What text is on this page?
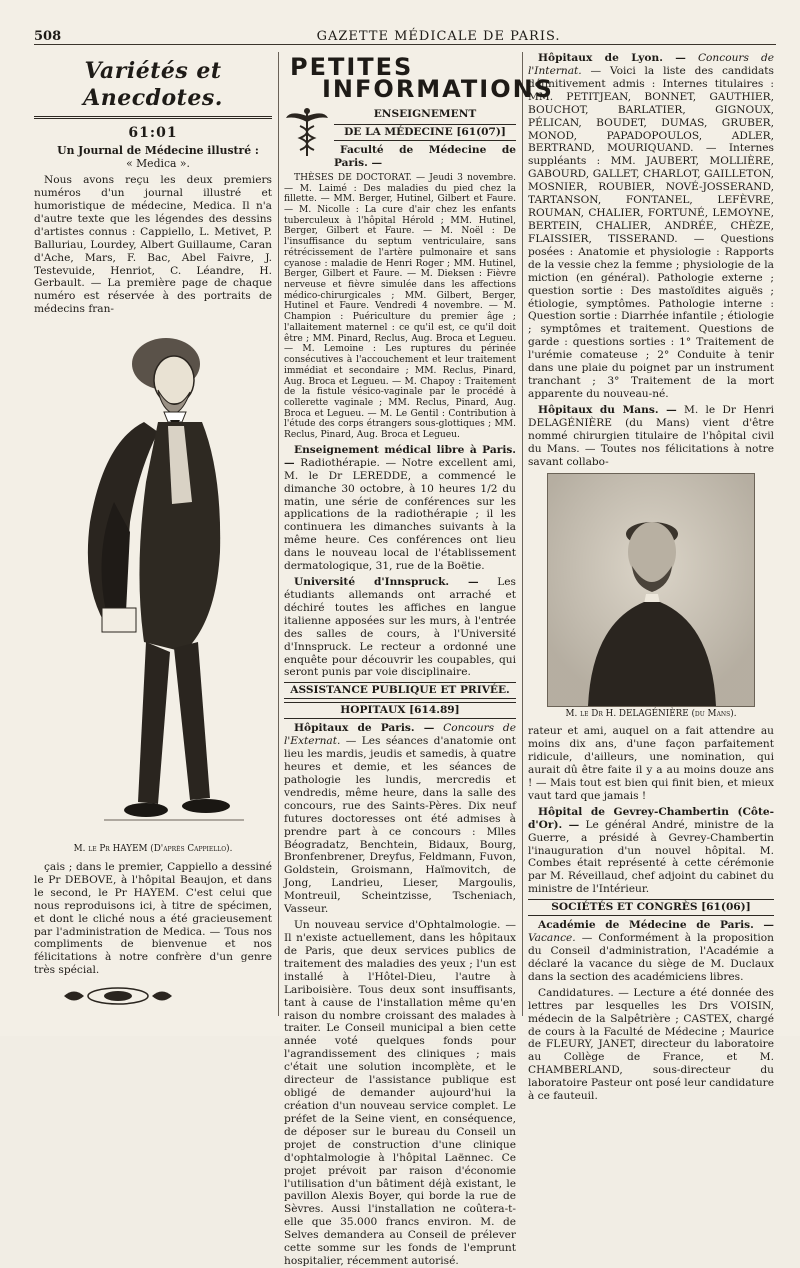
508	GAZETTE MÉDICALE DE PARIS.
Variétés et Anecdotes.
61:01

Un Journal de Médecine illustré :

« Medica ».

Nous avons reçu les deux premiers numéros d'un journal illustré et humoristique de médecine, Medica. Il n'a d'autre texte que les légendes des dessins d'artistes connus : Cappiello, L. Metivet, P. Balluriau, Lourdey, Albert Guillaume, Caran d'Ache, Mars, F. Bac, Abel Faivre, J. Testevuide, Henriot, C. Léandre, H. Gerbault. — La première page de chaque numéro est réservée à des portraits de médecins fran-

M. le Pr HAYEM (D'après Cappiello).

çais ; dans le premier, Cappiello a dessiné le Pr DEBOVE, à l'hôpital Beaujon, et dans le second, le Pr HAYEM. C'est celui que nous reproduisons ici, à titre de spécimen, et dont le cliché nous a été gracieusement par l'administration de Medica. — Tous nos compliments de bienvenue et nos félicitations à notre confrère d'un genre très spécial.

PETITES
INFORMATIONS
ENSEIGNEMENT
DE LA MÉDECINE [61(07)]

Faculté de Médecine de Paris. —

THÈSES DE DOCTORAT. — Jeudi 3 novembre. — M. Laimé : Des maladies du pied chez la fillette. — MM. Berger, Hutinel, Gilbert et Faure. — M. Nicolle : La cure d'air chez les enfants tuberculeux à l'hôpital Hérold ; MM. Hutinel, Berger, Gilbert et Faure. — M. Noël : De l'insuffisance du septum ventriculaire, sans rétrécissement de l'artère pulmonaire et sans cyanose : maladie de Henri Roger ; MM. Hutinel, Berger, Gilbert et Faure. — M. Dieksen : Fièvre nerveuse et fièvre simulée dans les affections médico-chirurgicales ; MM. Gilbert, Berger, Hutinel et Faure. Vendredi 4 novembre. — M. Champion : Puériculture du premier âge ; l'allaitement maternel : ce qu'il est, ce qu'il doit être ; MM. Pinard, Reclus, Aug. Broca et Legueu. — M. Lemoine : Les ruptures du périnée consécutives à l'accouchement et leur traitement immédiat et secondaire ; MM. Reclus, Pinard, Aug. Broca et Legueu. — M. Chapoy : Traitement de la fistule vésico-vaginale par le procédé à collerette vaginale ; MM. Reclus, Pinard, Aug. Broca et Legueu. — M. Le Gentil : Contribution à l'étude des corps étrangers sous-glottiques ; MM. Reclus, Pinard, Aug. Broca et Legueu.

Enseignement médical libre à Paris. — Radiothérapie. — Notre excellent ami, M. le Dr LEREDDE, a commencé le dimanche 30 octobre, à 10 heures 1/2 du matin, une série de conférences sur les applications de la radiothérapie ; il les continuera les dimanches suivants à la même heure. Ces conférences ont lieu dans le nouveau local de l'établissement dermatologique, 31, rue de la Boëtie.

Université d'Innspruck. — Les étudiants allemands ont arraché et déchiré toutes les affiches en langue italienne apposées sur les murs, à l'entrée des salles de cours, à l'Université d'Innspruck. Le recteur a ordonné une enquête pour découvrir les coupables, qui seront punis par voie disciplinaire.

ASSISTANCE PUBLIQUE ET PRIVÉE.
HOPITAUX [614.89]

Hôpitaux de Paris. — Concours de l'Externat. — Les séances d'anatomie ont lieu les mardis, jeudis et samedis, à quatre heures et demie, et les séances de pathologie les lundis, mercredis et vendredis, même heure, dans la salle des concours, rue des Saints-Pères. Dix neuf futures doctoresses ont été admises à prendre part à ce concours : Mlles Béogradatz, Benchtein, Bidaux, Bourg, Bronfenbrener, Dreyfus, Feldmann, Fuvon, Goldstein, Groismann, Haïmovitch, de Jong, Landrieu, Lieser, Margoulis, Montreuil, Scheintzisse, Tscheniach, Vasseur.

Un nouveau service d'Ophtalmologie. — Il n'existe actuellement, dans les hôpitaux de Paris, que deux services publics de traitement des maladies des yeux ; l'un est installé à l'Hôtel-Dieu, l'autre à Lariboisière. Tous deux sont insuffisants, tant à cause de l'installation même qu'en raison du nombre croissant des malades à traiter. Le Conseil municipal a bien cette année voté quelques fonds pour l'agrandissement des cliniques ; mais c'était une solution incomplète, et le directeur de l'assistance publique est obligé de demander aujourd'hui la création d'un nouveau service complet. Le préfet de la Seine vient, en conséquence, de déposer sur le bureau du Conseil un projet de construction d'une clinique d'ophtalmologie à l'hôpital Laënnec. Ce projet prévoit par raison d'économie l'utilisation d'un bâtiment déjà existant, le pavillon Alexis Boyer, qui borde la rue de Sèvres. Aussi l'installation ne coûtera-t-elle que 35.000 francs environ. M. de Selves demandera au Conseil de prélever cette somme sur les fonds de l'emprunt hospitalier, récemment autorisé.

Hôpitaux de Lyon. — Concours de l'Internat. — Voici la liste des candidats définitivement admis : Internes titulaires : MM. PETITJEAN, BONNET, GAUTHIER, BOUCHOT, BARLATIER, GIGNOUX, PÉLICAN, BOUDET, DUMAS, GRUBER, MONOD, PAPADOPOULOS, ADLER, BERTRAND, MOURIQUAND. — Internes suppléants : MM. JAUBERT, MOLLIÈRE, GABOURD, GALLET, CHARLOT, GAILLETON, MOSNIER, ROUBIER, NOVÉ-JOSSERAND, TARTANSON, FONTANEL, LEFÈVRE, ROUMAN, CHALIER, FORTUNÉ, LEMOYNE, BERTEIN, CHALIER, ANDRÉE, CHÈZE, FLAISSIER, TISSERAND. — Questions posées : Anatomie et physiologie : Rapports de la vessie chez la femme ; physiologie de la miction (en général). Pathologie externe ; question sortie : Des mastoïdites aiguës ; étiologie, symptômes. Pathologie interne : Question sortie : Diarrhée infantile ; étiologie ; symptômes et traitement. Questions de garde : questions sorties : 1° Traitement de l'urémie comateuse ; 2° Conduite à tenir dans une plaie du poignet par un instrument tranchant ; 3° Traitement de la mort apparente du nouveau-né.

Hôpitaux du Mans. — M. le Dr Henri DELAGÉNIÈRE (du Mans) vient d'être nommé chirurgien titulaire de l'hôpital civil du Mans. — Toutes nos félicitations à notre savant collabo-

M. le Dr H. DELAGÉNIÈRE (du Mans).

rateur et ami, auquel on a fait attendre au moins dix ans, d'une façon parfaitement ridicule, d'ailleurs, une nomination, qui aurait dû être faite il y a au moins douze ans ! — Mais tout est bien qui finit bien, et mieux vaut tard que jamais !

Hôpital de Gevrey-Chambertin (Côte-d'Or). — Le général André, ministre de la Guerre, a présidé à Gevrey-Chambertin l'inauguration d'un nouvel hôpital. M. Combes était représenté à cette cérémonie par M. Réveillaud, chef adjoint du cabinet du ministre de l'Intérieur.

SOCIÉTÉS ET CONGRÈS [61(06)]

Académie de Médecine de Paris. — Vacance. — Conformément à la proposition du Conseil d'administration, l'Académie a déclaré la vacance du siège de M. Duclaux dans la section des académiciens libres.

Candidatures. — Lecture a été donnée des lettres par lesquelles les Drs VOISIN, médecin de la Salpêtrière ; CASTEX, chargé de cours à la Faculté de Médecine ; Maurice de FLEURY, JANET, directeur du laboratoire au Collège de France, et M. CHAMBERLAND, sous-directeur du laboratoire Pasteur ont posé leur candidature à ce fauteuil.
